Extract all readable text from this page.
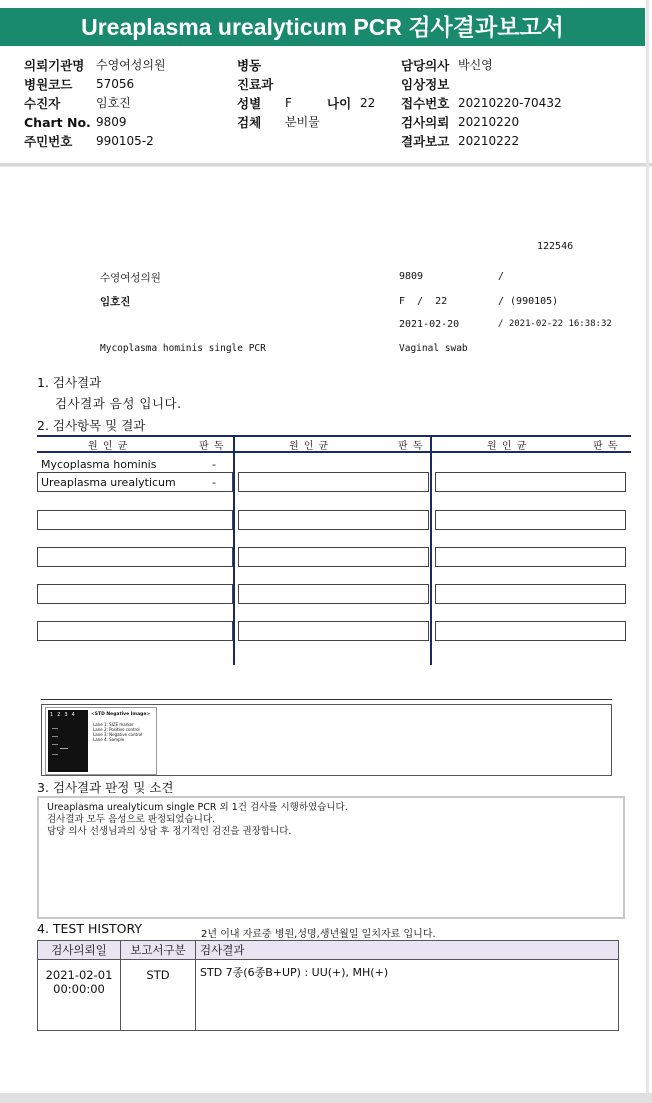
Ureaplasma urealyticum PCR 검사결과보고서
의뢰기관명 수영여성의원
병원코드 57056
수진자	임호진
Chart No. 9809
주민번호 990105-2
병동
진료과
성별 F	나이 22
검체 분비물
담당의사 박신영
임상정보
접수번호 20210220-70432
검사의뢰 20210220
결과보고 20210222
122546
수영여성의원	9809	/
임호진	F  /  22	/ (990105)
2021-02-20	/ 2021-02-22 16:38:32
Mycoplasma hominis single PCR	Vaginal swab
1. 검사결과
검사결과 음성 입니다.
2. 검사항목 및 결과
원 인 균	판 독	원 인 균	판 독	원 인 균	판 독
Mycoplasma hominis	-
Ureaplasma urealyticum	-
1234	<STD Negative Image>
Lane 1: SIZE marker
Lane 2: Positive control
Lane 3: Negative control
Lane 4: Sample
3. 검사결과 판정 및 소견
Ureaplasma urealyticum single PCR 외 1건 검사를 시행하였습니다.
검사결과 모두 음성으로 판정되었습니다.
담당 의사 선생님과의 상담 후 정기적인 검진을 권장합니다.
4. TEST HISTORY	2년 이내 자료중 병원,성명,생년월일 일치자료 입니다.
검사의뢰일	보고서구분	검사결과

2021-02-01
00:00:00	STD	STD 7종(6종B+UP) : UU(+), MH(+)
